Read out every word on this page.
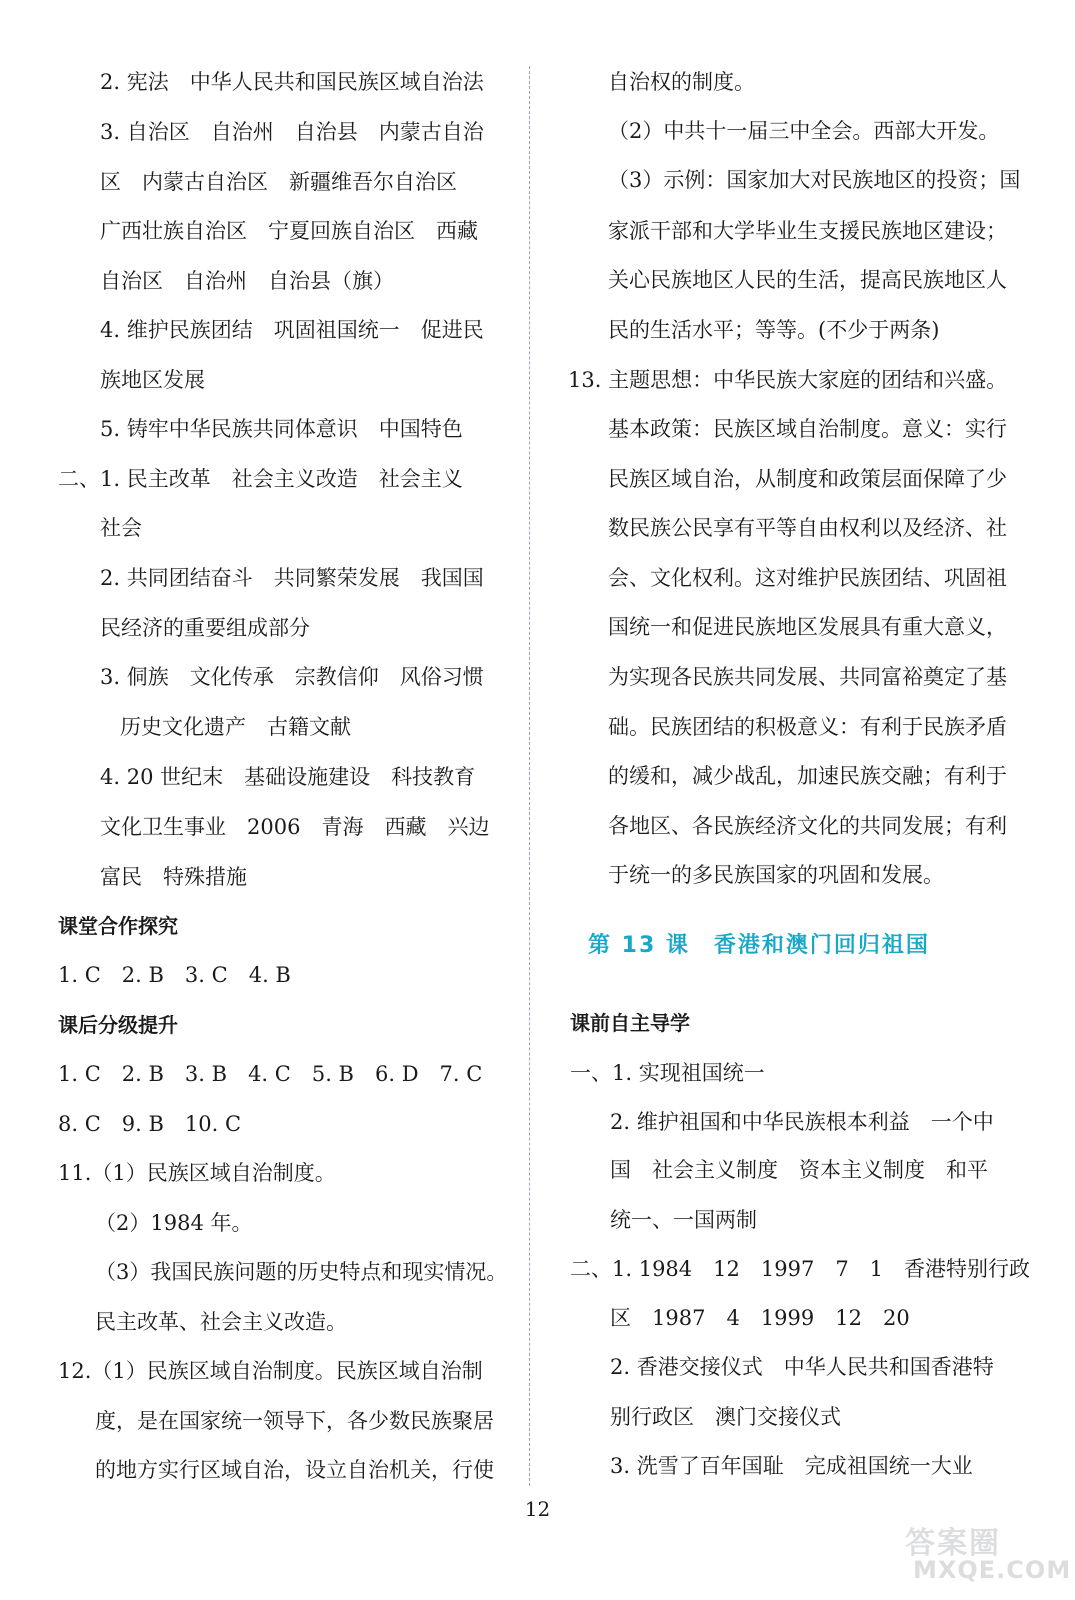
2. 宪法　中华人民共和国民族区域自治法
3. 自治区　自治州　自治县　内蒙古自治
区　内蒙古自治区　新疆维吾尔自治区
广西壮族自治区　宁夏回族自治区　西藏
自治区　自治州　自治县（旗）
4. 维护民族团结　巩固祖国统一　促进民
族地区发展
5. 铸牢中华民族共同体意识　中国特色
二、1. 民主改革　社会主义改造　社会主义
社会
2. 共同团结奋斗　共同繁荣发展　我国国
民经济的重要组成部分
3. 侗族　文化传承　宗教信仰　风俗习惯
历史文化遗产　古籍文献
4. 20 世纪末　基础设施建设　科技教育
文化卫生事业　2006　青海　西藏　兴边
富民　特殊措施
课堂合作探究
1. C　2. B　3. C　4. B
课后分级提升
1. C　2. B　3. B　4. C　5. B　6. D　7. C
8. C　9. B　10. C
11.（1）民族区域自治制度。
（2）1984 年。
（3）我国民族问题的历史特点和现实情况。
民主改革、社会主义改造。
12.（1）民族区域自治制度。民族区域自治制
度，是在国家统一领导下，各少数民族聚居
的地方实行区域自治，设立自治机关，行使
自治权的制度。
（2）中共十一届三中全会。西部大开发。
（3）示例：国家加大对民族地区的投资；国
家派干部和大学毕业生支援民族地区建设；
关心民族地区人民的生活，提高民族地区人
民的生活水平；等等。(不少于两条)
13. 主题思想：中华民族大家庭的团结和兴盛。
基本政策：民族区域自治制度。意义：实行
民族区域自治，从制度和政策层面保障了少
数民族公民享有平等自由权利以及经济、社
会、文化权利。这对维护民族团结、巩固祖
国统一和促进民族地区发展具有重大意义，
为实现各民族共同发展、共同富裕奠定了基
础。民族团结的积极意义：有利于民族矛盾
的缓和，减少战乱，加速民族交融；有利于
各地区、各民族经济文化的共同发展；有利
于统一的多民族国家的巩固和发展。
第 13 课　香港和澳门回归祖国
课前自主导学
一、1. 实现祖国统一
2. 维护祖国和中华民族根本利益　一个中
国　社会主义制度　资本主义制度　和平
统一、一国两制
二、1. 1984　12　1997　7　1　香港特别行政
区　1987　4　1999　12　20
2. 香港交接仪式　中华人民共和国香港特
别行政区　澳门交接仪式
3. 洗雪了百年国耻　完成祖国统一大业
12
答案圈
MXQE.COM
